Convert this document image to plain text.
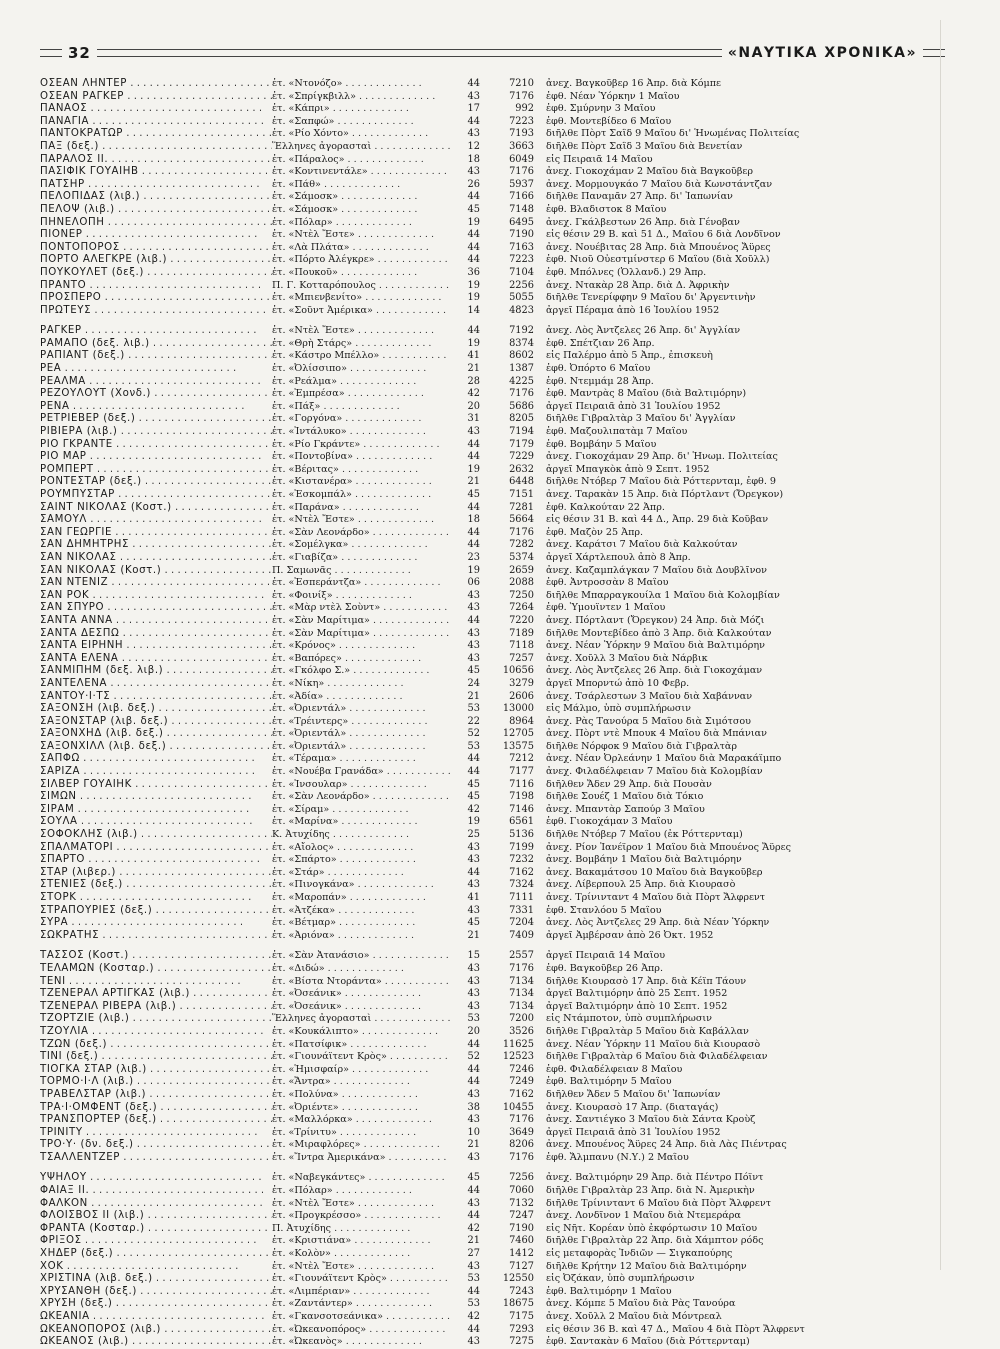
32	«ΝΑΥΤΙΚΑ ΧΡΟΝΙΚΑ»
ΟΣΕΑΝ ΛΗΝΤΕΡ . . .	ἐτ. «Ντονόζο» . . .	44	7210	ἀνεχ. Βαγκοῦβερ 16 Ἀπρ. διὰ Κόμπε
ΟΣΕΑΝ ΡΑΓΚΕΡ . . .	ἐτ. «Σπρίγκβιλλ» . . .	43	7176	ἐφθ. Νέαν Ὑόρκην 1 Μαΐου
ΠΑΝΑΟΣ . . .	ἐτ. «Κάπρι» . . .	17	992	ἐφθ. Σμύρνην 3 Μαΐου
ΠΑΝΑΓΙΑ . . .	ἐτ. «Σαπφώ» . . .	44	7223	ἐφθ. Μοντεβίδεο 6 Μαΐου
ΠΑΝΤΟΚΡΑΤΩΡ . . .	ἐτ. «Ρίο Χόντο» . . .	43	7193	διῆλθε Πὸρτ Σαΐδ 9 Μαΐου δι' Ἡνωμένας Πολιτείας
ΠΑΞ (δεξ.) . . .	Ἕλληνες ἀγορασταὶ . . .	12	3663	διῆλθε Πὸρτ Σαΐδ 3 Μαΐου διὰ Βενετίαν
ΠΑΡΑΛΟΣ ΙΙ. . . .	ἐτ. «Πάραλος» . . .	18	6049	εἰς Πειραιᾶ 14 Μαΐου
ΠΑΣΙΦΙΚ ΓΟΥΑΙΗΒ . . .	ἐτ. «Κοντινεντάλε» . . .	43	7176	ἀνεχ. Γιοκοχάμαν 2 Μαΐου διὰ Βαγκοῦβερ
ΠΑΤΣΗΡ . . .	ἐτ. «Πάθ» . . .	26	5937	ἀνεχ. Μορμουγκάο 7 Μαΐου διὰ Κωνστάντζαν
ΠΕΛΟΠΙΔΑΣ (λιβ.) . . .	ἐτ. «Σάμοσκ» . . .	44	7166	διῆλθε Παναμᾶν 27 Ἀπρ. δι' Ἰαπωνίαν
ΠΕΛΟΨ (λιβ.) . . .	ἐτ. «Σάμοσκ» . . .	45	7148	ἐφθ. Βλαδιστοκ 8 Μαΐου
ΠΗΝΕΛΟΠΗ . . .	ἐτ. «Πόλαρ» . . .	19	6495	ἀνεχ. Γκάλβεστων 26 Ἀπρ. διὰ Γένοβαν
ΠΙΟΝΕΡ . . .	ἐτ. «Ντὲλ Ἔστε» . . .	44	7190	εἰς θέσιν 29 Β. καὶ 51 Δ., Μαΐου 6 διὰ Λονδῖνον
ΠΟΝΤΟΠΟΡΟΣ . . .	ἐτ. «Λὰ Πλάτα» . . .	44	7163	ἀνεχ. Νουέβιτας 28 Ἀπρ. διὰ Μπουένος Ἄϋρες
ΠΟΡΤΟ ΑΛΕΓΚΡΕ (λιβ.) . . .	ἐτ. «Πόρτο Ἀλέγκρε» . . .	44	7223	ἐφθ. Νιοῦ Οὐεστμίνστερ 6 Μαΐου (διὰ Χοῦλλ)
ΠΟΥΚΟΥΛΕΤ (δεξ.) . . .	ἐτ. «Πουκοῦ» . . .	36	7104	ἐφθ. Μπόλνες (Ὁλλανδ.) 29 Ἀπρ.
ΠΡΑΝΤΟ . . .	Π. Γ. Κοτταρόπουλος . . .	19	2256	ἀνεχ. Ντακὰρ 28 Ἀπρ. διὰ Δ. Ἀφρικὴν
ΠΡΟΣΠΕΡΟ . . .	ἐτ. «Μπιενβενίτο» . . .	19	5055	διῆλθε Τενερίφφην 9 Μαΐου δι' Ἀργεντινὴν
ΠΡΩΤΕΥΣ . . .	ἐτ. «Σοῦντ Ἀμέρικα» . . .	14	4823	ἀργεῖ Πέραμα ἀπὸ 16 Ἰουλίου 1952
ΡΑΓΚΕΡ . . .	ἐτ. «Ντὲλ Ἔστε» . . .	44	7192	ἀνεχ. Λὸς Ἀντζελες 26 Ἀπρ. δι' Ἀγγλίαν
ΡΑΜΑΠΟ (δεξ. λιβ.) . . .	ἐτ. «Θρὴ Στάρς» . . .	19	8374	ἐφθ. Σπέτζιαν 26 Ἀπρ.
ΡΑΠΙΑΝΤ (δεξ.) . . .	ἐτ. «Κάστρο Μπέλλο» . . .	41	8602	εἰς Παλέρμο ἀπὸ 5 Ἀπρ., ἐπισκευὴ
ΡΕΑ . . .	ἐτ. «Ὀλίσσιπο» . . .	21	1387	ἐφθ. Ὀπόρτο 6 Μαΐου
ΡΕΑΛΜΑ . . .	ἐτ. «Ρεάλμα» . . .	28	4225	ἐφθ. Ντεμμάμ 28 Ἀπρ.
ΡΕΖΟΥΛΟΥΤ (Χονδ.) . . .	ἐτ. «Ἐμπρέσα» . . .	42	7176	ἐφθ. Μαντρὰς 8 Μαΐου (διὰ Βαλτιμόρην)
ΡΕΝΑ . . .	ἐτ. «Πάξ» . . .	20	5686	ἀργεῖ Πειραιᾶ ἀπὸ 31 Ἰουλίου 1952
ΡΕΤΡΙΕΒΕΡ (δεξ.) . . .	ἐτ. «Γοργόνα» . . .	31	8205	διῆλθε Γιβραλτὰρ 3 Μαΐου δι' Ἀγγλίαν
ΡΙΒΙΕΡΑ (λιβ.) . . .	ἐτ. «Ἰντάλυκο» . . .	43	7194	ἐφθ. Μαζουλιπατὰμ 7 Μαΐου
ΡΙΟ ΓΚΡΑΝΤΕ . . .	ἐτ. «Ρίο Γκράντε» . . .	44	7179	ἐφθ. Βομβάην 5 Μαΐου
ΡΙΟ ΜΑΡ . . .	ἐτ. «Ποντοβίνα» . . .	44	7229	ἀνεχ. Γιοκοχάμαν 29 Ἀπρ. δι' Ἡνωμ. Πολιτείας
ΡΟΜΠΕΡΤ . . .	ἐτ. «Βέριτας» . . .	19	2632	ἀργεῖ Μπαγκὸκ ἀπὸ 9 Σεπτ. 1952
ΡΟΝΤΕΣΤΑΡ (δεξ.) . . .	ἐτ. «Κιστανέρα» . . .	21	6448	διῆλθε Ντόβερ 7 Μαΐου διὰ Ρόττερνταμ, ἐφθ. 9
ΡΟΥΜΠΥΣΤΑΡ . . .	ἐτ. «Ἐσκομπάλ» . . .	45	7151	ἀνεχ. Ταρακὰν 15 Ἀπρ. διὰ Πόρτλαντ (Ὄρεγκον)
ΣΑΙΝΤ ΝΙΚΟΛΑΣ (Κοστ.) . . .	ἐτ. «Παράνα» . . .	44	7281	ἐφθ. Καλκούταν 22 Ἀπρ.
ΣΑΜΟΥΛ . . .	ἐτ. «Ντὲλ Ἔστε» . . .	18	5664	εἰς θέσιν 31 Β. καὶ 44 Δ., Ἀπρ. 29 διὰ Κοῦβαν
ΣΑΝ ΓΕΩΡΓΙΕ . . .	ἐτ. «Σὰν Λεονάρδο» . . .	44	7176	ἐφθ. Μαζὸν 25 Ἀπρ.
ΣΑΝ ΔΗΜΗΤΡΗΣ . . .	ἐτ. «Σομέλγκα» . . .	44	7282	ἀνεχ. Καράτσι 7 Μαΐου διὰ Καλκούταν
ΣΑΝ ΝΙΚΟΛΑΣ . . .	ἐτ. «Γιαβίζα» . . .	23	5374	ἀργεῖ Χάρτλεπουλ ἀπὸ 8 Ἀπρ.
ΣΑΝ ΝΙΚΟΛΑΣ (Κοστ.) . . .	Π. Σαμωνᾶς . . .	19	2659	ἀνεχ. Καζαμπλάγκαν 7 Μαΐου διὰ Δουβλῖνον
ΣΑΝ ΝΤΕΝΙΖ . . .	ἐτ. «Ἐσπεράντζα» . . .	06	2088	ἐφθ. Ἀντροσσὰν 8 Μαΐου
ΣΑΝ ΡΟΚ . . .	ἐτ. «Φοινίξ» . . .	43	7250	διῆλθε Μπαρραγκουίλα 1 Μαΐου διὰ Κολομβίαν
ΣΑΝ ΣΠΥΡΟ . . .	ἐτ. «Μὰρ ντὲλ Σοὺντ» . . .	43	7264	ἐφθ. Ὑμουϊντεν 1 Μαΐου
ΣΑΝΤΑ ΑΝΝΑ . . .	ἐτ. «Σὰν Μαρίτιμα» . . .	44	7220	ἀνεχ. Πόρτλαντ (Ὄρεγκον) 24 Ἀπρ. διὰ Μόζι
ΣΑΝΤΑ ΔΕΣΠΩ . . .	ἐτ. «Σὰν Μαρίτιμα» . . .	43	7189	διῆλθε Μοντεβίδεο ἀπὸ 3 Ἀπρ. διὰ Καλκούταν
ΣΑΝΤΑ ΕΙΡΗΝΗ . . .	ἐτ. «Κρόνος» . . .	43	7118	ἀνεχ. Νέαν Ὑόρκην 9 Μαΐου διὰ Βαλτιμόρην
ΣΑΝΤΑ ΕΛΕΝΑ . . .	ἐτ. «Βαπόρες» . . .	43	7257	ἀνεχ. Χοῦλλ 3 Μαΐου διὰ Νάρβικ
ΣΑΝΜΙΠΗΜ (δεξ. λιβ.) . . .	ἐτ. «Γκόλφο Σ.» . . .	45	10656	ἀνεχ. Λὸς Ἀντζελες 26 Ἀπρ. διὰ Γιοκοχάμαν
ΣΑΝΤΕΛΕΝΑ . . .	ἐτ. «Νίκη» . . .	24	3279	ἀργεῖ Μπορντώ ἀπὸ 10 Φεβρ.
ΣΑΝΤΟΥ·Ι·ΤΣ . . .	ἐτ. «Ἀδία» . . .	21	2606	ἀνεχ. Τσάρλεστων 3 Μαΐου διὰ Χαβάνναν
ΣΑΞΟΝΣΗ (λιβ. δεξ.) . . .	ἐτ. «Ὀριεντάλ» . . .	53	13000	εἰς Μάλμο, ὑπὸ συμπλήρωσιν
ΣΑΞΟΝΣΤΑΡ (λιβ. δεξ.) . . .	ἐτ. «Τρέιντερς» . . .	22	8964	ἀνεχ. Ρὰς Τανούρα 5 Μαΐου διὰ Σιμότσου
ΣΑΞΟΝΧΗΔ (λιβ. δεξ.) . . .	ἐτ. «Ὀριεντάλ» . . .	52	12705	ἀνεχ. Πὸρτ ντὲ Μπουκ 4 Μαΐου διὰ Μπάνιαν
ΣΑΞΟΝΧΙΛΛ (λιβ. δεξ.) . . .	ἐτ. «Ὀριεντάλ» . . .	53	13575	διῆλθε Νόρφοκ 9 Μαΐου διὰ Γιβραλτὰρ
ΣΑΠΦΩ . . .	ἐτ. «Τέραμα» . . .	44	7212	ἀνεχ. Νέαν Ὀρλεάνην 1 Μαΐου διὰ Μαρακάϊμπο
ΣΑΡΙΖΑ . . .	ἐτ. «Νουέβα Γρανάδα» . . .	44	7177	ἀνεχ. Φιλαδέλφειαν 7 Μαΐου διὰ Κολομβίαν
ΣΙΛΒΕΡ ΓΟΥΑΙΗΚ . . .	ἐτ. «Ἰνσουλαρ» . . .	45	7116	διῆλθεν Ἄδεν 29 Ἀπρ. διὰ Πουσὰν
ΣΙΜΩΝ . . .	ἐτ. «Σὰν Λεονάρδο» . . .	45	7198	διῆλθε Σουέζ 1 Μαΐου διὰ Τόκιο
ΣΙΡΑΜ . . .	ἐτ. «Σίραμ» . . .	42	7146	ἀνεχ. Μπαντὰρ Σαπούρ 3 Μαΐου
ΣΟΥΛΑ . . .	ἐτ. «Μαρίνα» . . .	19	6561	ἐφθ. Γιοκοχάμαν 3 Μαΐου
ΣΟΦΟΚΛΗΣ (λιβ.) . . .	Κ. Ἀτυχίδης . . .	25	5136	διῆλθε Ντόβερ 7 Μαΐου (ἐκ Ρόττερνταμ)
ΣΠΑΛΜΑΤΟΡΙ . . .	ἐτ. «Αἴολος» . . .	43	7199	ἀνεχ. Ρίον Ἰανέϊρον 1 Μαΐου διὰ Μπουένος Ἄϋρες
ΣΠΑΡΤΟ . . .	ἐτ. «Σπάρτο» . . .	43	7232	ἀνεχ. Βομβάην 1 Μαΐου διὰ Βαλτιμόρην
ΣΤΑΡ (λιβερ.) . . .	ἐτ. «Στάρ» . . .	44	7162	ἀνεχ. Βακαμάτσου 10 Μαΐου διὰ Βαγκοῦβερ
ΣΤΕΝΙΕΣ (δεξ.) . . .	ἐτ. «Πινογκάνα» . . .	43	7324	ἀνεχ. Λίβερπουλ 25 Ἀπρ. διὰ Κιουρασὸ
ΣΤΟΡΚ . . .	ἐτ. «Μαροπάν» . . .	41	7111	ἀνεχ. Τρίνινταντ 4 Μαΐου διὰ Πὸρτ Ἄλφρεντ
ΣΤΡΑΠΟΥΡΙΕΣ (δεξ.) . . .	ἐτ. «Ἀτζέκα» . . .	43	7331	ἐφθ. Στανλόου 5 Μαΐου
ΣΥΡΑ . . .	ἐτ. «Βέτμαρ» . . .	45	7204	ἀνεχ. Λὸς Ἀντζελες 29 Ἀπρ. διὰ Νέαν Ὑόρκην
ΣΩΚΡΑΤΗΣ . . .	ἐτ. «Ἀριόνα» . . .	21	7409	ἀργεῖ Ἀμβέρσαν ἀπὸ 26 Ὀκτ. 1952
ΤΑΣΣΟΣ (Κοστ.) . . .	ἐτ. «Σὰν Ἀτανάσιο» . . .	15	2557	ἀργεῖ Πειραιᾶ 14 Μαΐου
ΤΕΛΑΜΩΝ (Κοσταρ.) . . .	ἐτ. «Διδώ» . . .	43	7176	ἐφθ. Βαγκοῦβερ 26 Ἀπρ.
ΤΕΝΙ . . .	ἐτ. «Βίστα Ντοράντα» . . .	43	7134	διῆλθε Κιουρασὸ 17 Ἀπρ. διὰ Κέϊπ Τάουν
ΤΖΕΝΕΡΑΛ ΑΡΤΙΓΚΑΣ (λιβ.) . . .	ἐτ. «Ὀσεάνικ» . . .	43	7134	ἀργεῖ Βαλτιμόρην ἀπὸ 25 Σεπτ. 1952
ΤΖΕΝΕΡΑΛ ΡΙΒΕΡΑ (λιβ.) . . .	ἐτ. «Ὀσεάνικ» . . .	43	7134	ἀργεῖ Βαλτιμόρην ἀπὸ 10 Σεπτ. 1952
ΤΖΟΡΤΖΙΕ (λιβ.) . . .	Ἕλληνες ἀγορασταὶ . . .	53	7200	εἰς Ντάμποτον, ὑπὸ συμπλήρωσιν
ΤΖΟΥΛΙΑ . . .	ἐτ. «Κουκάλιπτο» . . .	20	3526	διῆλθε Γιβραλτὰρ 5 Μαΐου διὰ Καβάλλαν
ΤΖΩΝ (δεξ.) . . .	ἐτ. «Πατσίφικ» . . .	44	11625	ἀνεχ. Νέαν Ὑόρκην 11 Μαΐου διὰ Κιουρασὸ
ΤΙΝΙ (δεξ.) . . .	ἐτ. «Γιουνάϊτεντ Κρὸς» . . .	52	12523	διῆλθε Γιβραλτὰρ 6 Μαΐου διὰ Φιλαδέλφειαν
ΤΙΟΓΚΑ ΣΤΑΡ (λιβ.) . . .	ἐτ. «Ἡμισφαίρ» . . .	44	7246	ἐφθ. Φιλαδέλφειαν 8 Μαΐου
ΤΟΡΜΟ·Ι·Λ (λιβ.) . . .	ἐτ. «Ἄντρα» . . .	44	7249	ἐφθ. Βαλτιμόρην 5 Μαΐου
ΤΡΑΒΕΛΣΤΑΡ (λιβ.) . . .	ἐτ. «Πολύνα» . . .	43	7162	διῆλθεν Ἄδεν 5 Μαΐου δι' Ἰαπωνίαν
ΤΡΑ·Ι·ΟΜΦΕΝΤ (δεξ.) . . .	ἐτ. «Ὀριέντε» . . .	38	10455	ἀνεχ. Κιουρασὸ 17 Ἀπρ. (διαταγάς)
ΤΡΑΝΣΠΟΡΤΕΡ (δεξ.) . . .	ἐτ. «Μαλλόρκα» . . .	43	7176	ἀνεχ. Σαντιέγκο 3 Μαΐου διὰ Σάντα Κροὺζ
ΤΡΙΝΙΤΥ . . .	ἐτ. «Τρίνιτυ» . . .	10	3649	ἀργεῖ Πειραιᾶ ἀπὸ 31 Ἰουλίου 1952
ΤΡΟ·Υ· (δν. δεξ.) . . .	ἐτ. «Μιραφλόρες» . . .	21	8206	ἀνεχ. Μπουένος Ἄϋρες 24 Ἀπρ. διὰ Λὰς Πιέντρας
ΤΣΑΛΛΕΝΤΖΕΡ . . .	ἐτ. «Ἴντρα Ἀμερικάνα» . . .	43	7176	ἐφθ. Ἄλμπανυ (Ν.Υ.) 2 Μαΐου
ΥΨΗΛΟΥ . . .	ἐτ. «Ναβεγκάντες» . . .	45	7256	ἀνεχ. Βαλτιμόρην 29 Ἀπρ. διὰ Πέντρο Πόϊντ
ΦΑΙΑΞ ΙΙ. . . .	ἐτ. «Πόλαρ» . . .	44	7060	διῆλθε Γιβραλτὰρ 23 Ἀπρ. διὰ Ν. Ἀμερικὴν
ΦΑΛΚΟΝ . . .	ἐτ. «Ντὲλ Ἔστε» . . .	43	7132	διῆλθε Τρίνινταντ 6 Μαΐου διὰ Πὸρτ Ἄλφρεντ
ΦΛΟΙΣΒΟΣ ΙΙ (λιβ.) . . .	ἐτ. «Προγκρέσσο» . . .	44	7247	ἀνεχ. Λονδῖνον 1 Μαΐου διὰ Ντεμεράρα
ΦΡΑΝΤΑ (Κοσταρ.) . . .	Π. Ἀτυχίδης . . .	42	7190	εἰς Νῆτ. Κορέαν ὑπὸ ἐκφόρτωσιν 10 Μαΐου
ΦΡΙΞΟΣ . . .	ἐτ. «Κριστιάνα» . . .	21	7460	διῆλθε Γιβραλτὰρ 22 Ἀπρ. διὰ Χάμπτον ρόδς
ΧΗΔΕΡ (δεξ.) . . .	ἐτ. «Κολὸν» . . .	27	1412	εἰς μεταφορὰς Ἰνδιῶν — Σιγκαπούρης
ΧΟΚ . . .	ἐτ. «Ντὲλ Ἔστε» . . .	43	7127	διῆλθε Κρήτην 12 Μαΐου διὰ Βαλτιμόρην
ΧΡΙΣΤΙΝΑ (λιβ. δεξ.) . . .	ἐτ. «Γιουνάϊτεντ Κρὸς» . . .	53	12550	εἰς Ὀζάκαν, ὑπὸ συμπλήρωσιν
ΧΡΥΣΑΝΘΗ (δεξ.) . . .	ἐτ. «Λιμπέριαν» . . .	44	7243	ἐφθ. Βαλτιμόρην 1 Μαΐου
ΧΡΥΣΗ (δεξ.) . . .	ἐτ. «Ζαντάντερ» . . .	53	18675	ἀνεχ. Κόμπε 5 Μαΐου διὰ Ρὰς Τανούρα
ΩΚΕΑΝΙΑ . . .	ἐτ. «Γκανσοτσεάνικα» . . .	42	7175	ἀνεχ. Χοῦλλ 2 Μαΐου διὰ Μόντρεαλ
ΩΚΕΑΝΟΠΟΡΟΣ (λιβ.) . . .	ἐτ. «Ὠκεανοπόρος» . . .	44	7293	εἰς θέσιν 36 Β. καὶ 47 Δ., Μαΐου 4 διὰ Πὸρτ Ἄλφρεντ
ΩΚΕΑΝΟΣ (λιβ.) . . .	ἐτ. «Ὠκεανὸς» . . .	43	7275	ἐφθ. Σαντακὰν 6 Μαΐου (διὰ Ρόττερνταμ)
